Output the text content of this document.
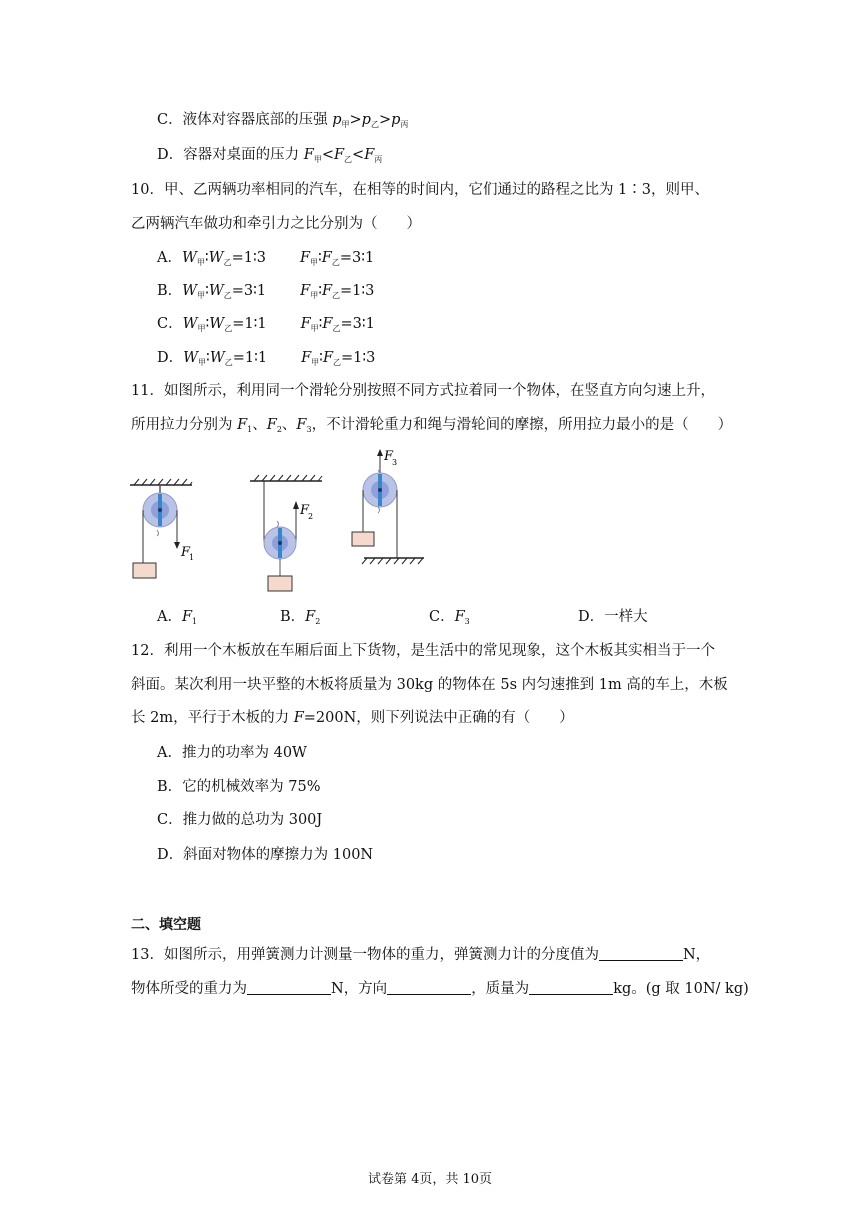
C．液体对容器底部的压强 $p_甲>p_乙>p_丙$
D．容器对桌面的压力 $F_甲<F_乙<F_丙$
10．甲、乙两辆功率相同的汽车，在相等的时间内，它们通过的路程之比为 1∶3，则甲、
乙两辆汽车做功和牵引力之比分别为（　　）
A．$W_甲∶W_乙=1∶3$ $F_甲∶F_乙=3∶1$
B．$W_甲∶W_乙=3∶1$ $F_甲∶F_乙=1∶3$
C．$W_甲∶W_乙=1∶1$ $F_甲∶F_乙=3∶1$
D．$W_甲∶W_乙=1∶1$ $F_甲∶F_乙=1∶3$
11．如图所示，利用同一个滑轮分别按照不同方式拉着同一个物体，在竖直方向匀速上升，
所用拉力分别为 $F_1$、$F_2$、$F_3$，不计滑轮重力和绳与滑轮间的摩擦，所用拉力最小的是（　　）
F
1
F
2
F
3
A．$F_1$	B．$F_2$	C．$F_3$	D．一样大
12．利用一个木板放在车厢后面上下货物，是生活中的常见现象，这个木板其实相当于一个
斜面。某次利用一块平整的木板将质量为 30kg 的物体在 5s 内匀速推到 1m 高的车上，木板
长 2m，平行于木板的力 F=200N，则下列说法中正确的有（　　）
A．推力的功率为 40W
B．它的机械效率为 75%
C．推力做的总功为 300J
D．斜面对物体的摩擦力为 100N
二、填空题
13．如图所示，用弹簧测力计测量一物体的重力，弹簧测力计的分度值为	N，
物体所受的重力为	N，方向	，质量为	kg。(g 取 10N/ kg)
试卷第 4页，共 10页
